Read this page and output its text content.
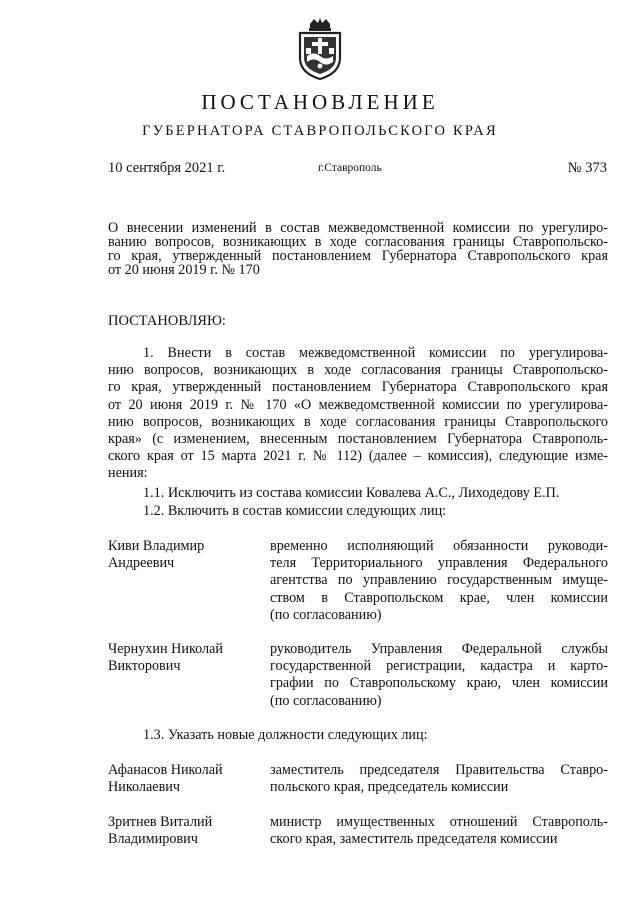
ПОСТАНОВЛЕНИЕ
ГУБЕРНАТОРА СТАВРОПОЛЬСКОГО КРАЯ
10 сентября 2021 г.	г.Ставрополь	№ 373
О внесении изменений в состав межведомственной комиссии по урегулиро-
ванию вопросов, возникающих в ходе согласования границы Ставропольско-
го края, утвержденный постановлением Губернатора Ставропольского края
от 20 июня 2019 г. № 170
ПОСТАНОВЛЯЮ:
1. Внести в состав межведомственной комиссии по урегулирова-
нию вопросов, возникающих в ходе согласования границы Ставропольско-
го края, утвержденный постановлением Губернатора Ставропольского края
от 20 июня 2019 г. № 170 «О межведомственной комиссии по урегулирова-
нию вопросов, возникающих в ходе согласования границы Ставропольского
края» (с изменением, внесенным постановлением Губернатора Ставрополь-
ского края от 15 марта 2021 г. № 112) (далее – комиссия), следующие изме-
нения:
1.1. Исключить из состава комиссии Ковалева А.С., Лиходедову Е.П.
1.2. Включить в состав комиссии следующих лиц:
Киви Владимир
Андреевич
временно исполняющий обязанности руководи-
теля Территориального управления Федерального
агентства по управлению государственным имуще-
ством в Ставропольском крае, член комиссии
(по согласованию)
Чернухин Николай
Викторович
руководитель Управления Федеральной службы
государственной регистрации, кадастра и карто-
графии по Ставропольскому краю, член комиссии
(по согласованию)
1.3. Указать новые должности следующих лиц:
Афанасов Николай
Николаевич
заместитель председателя Правительства Ставро-
польского края, председатель комиссии
Зритнев Виталий
Владимирович
министр имущественных отношений Ставрополь-
ского края, заместитель председателя комиссии
